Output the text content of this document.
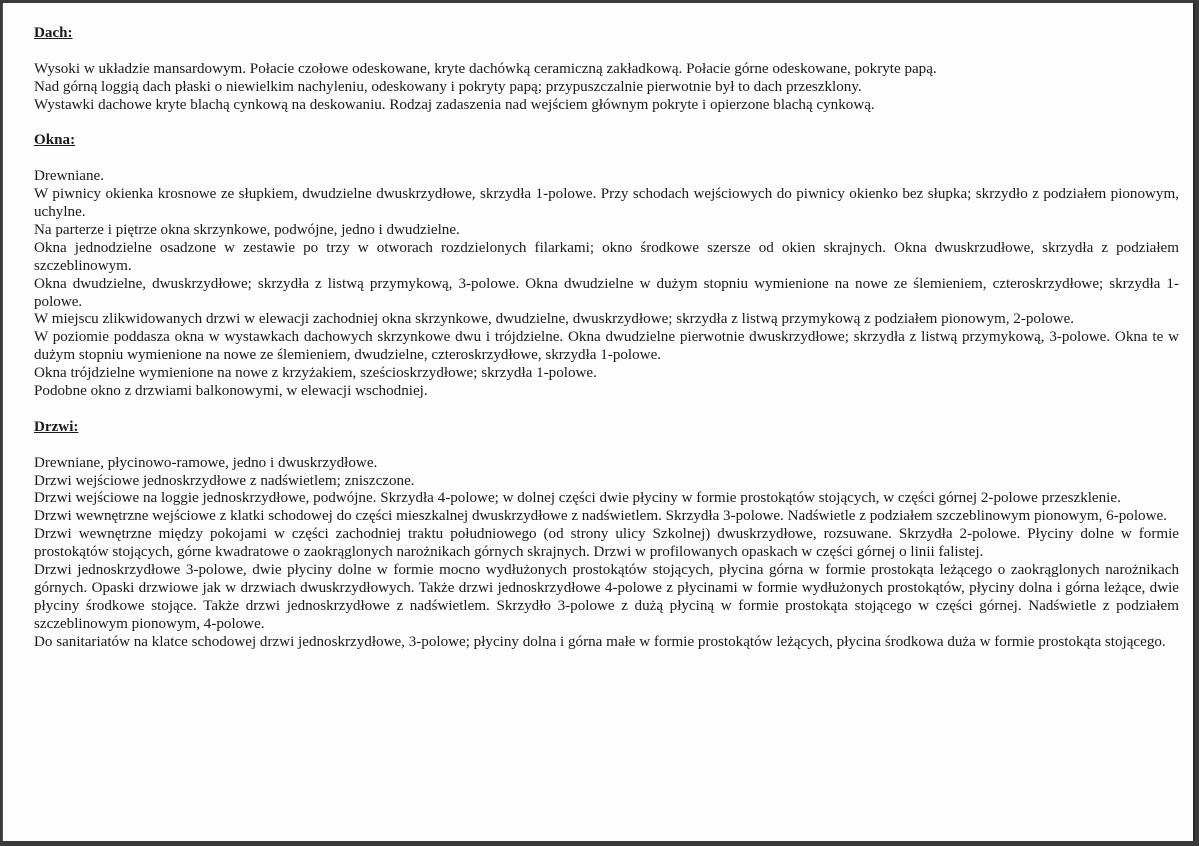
Dach:

Wysoki w układzie mansardowym. Połacie czołowe odeskowane, kryte dachówką ceramiczną zakładkową. Połacie górne odeskowane, pokryte papą.

Nad górną loggią dach płaski o niewielkim nachyleniu, odeskowany i pokryty papą; przypuszczalnie pierwotnie był to dach przeszklony.

Wystawki dachowe kryte blachą cynkową na deskowaniu. Rodzaj zadaszenia nad wejściem głównym pokryte i opierzone blachą cynkową.

Okna:

Drewniane.

W piwnicy okienka krosnowe ze słupkiem, dwudzielne dwuskrzydłowe, skrzydła 1-polowe. Przy schodach wejściowych do piwnicy okienko bez słupka; skrzydło z podziałem pionowym, uchylne.

Na parterze i piętrze okna skrzynkowe, podwójne, jedno i dwudzielne.

Okna jednodzielne osadzone w zestawie po trzy w otworach rozdzielonych filarkami; okno środkowe szersze od okien skrajnych. Okna dwuskrzudłowe, skrzydła z podziałem szczeblinowym.

Okna dwudzielne, dwuskrzydłowe; skrzydła z listwą przymykową, 3-polowe. Okna dwudzielne w dużym stopniu wymienione na nowe ze ślemieniem, czteroskrzydłowe; skrzydła 1-polowe.

W miejscu zlikwidowanych drzwi w elewacji zachodniej okna skrzynkowe, dwudzielne, dwuskrzydłowe; skrzydła z listwą przymykową z podziałem pionowym, 2-polowe.

W poziomie poddasza okna w wystawkach dachowych skrzynkowe dwu i trójdzielne. Okna dwudzielne pierwotnie dwuskrzydłowe; skrzydła z listwą przymykową, 3-polowe. Okna te w dużym stopniu wymienione na nowe ze ślemieniem, dwudzielne, czteroskrzydłowe, skrzydła 1-polowe.

Okna trójdzielne wymienione na nowe z krzyżakiem, sześcioskrzydłowe; skrzydła 1-polowe.

Podobne okno z drzwiami balkonowymi, w elewacji wschodniej.

Drzwi:

Drewniane, płycinowo-ramowe, jedno i dwuskrzydłowe.

Drzwi wejściowe jednoskrzydłowe z nadświetlem; zniszczone.

Drzwi wejściowe na loggie jednoskrzydłowe, podwójne. Skrzydła 4-polowe; w dolnej części dwie płyciny w formie prostokątów stojących, w części górnej 2-polowe przeszklenie.

Drzwi wewnętrzne wejściowe z klatki schodowej do części mieszkalnej dwuskrzydłowe z nadświetlem. Skrzydła 3-polowe. Nadświetle z podziałem szczeblinowym pionowym, 6-polowe.

Drzwi wewnętrzne między pokojami w części zachodniej traktu południowego (od strony ulicy Szkolnej) dwuskrzydłowe, rozsuwane. Skrzydła 2-polowe. Płyciny dolne w formie prostokątów stojących, górne kwadratowe o zaokrąglonych narożnikach górnych skrajnych. Drzwi w profilowanych opaskach w części górnej o linii falistej.

Drzwi jednoskrzydłowe 3-polowe, dwie płyciny dolne w formie mocno wydłużonych prostokątów stojących, płycina górna w formie prostokąta leżącego o zaokrąglonych narożnikach górnych. Opaski drzwiowe jak w drzwiach dwuskrzydłowych. Także drzwi jednoskrzydłowe 4-polowe z płycinami w formie wydłużonych prostokątów, płyciny dolna i górna leżące, dwie płyciny środkowe stojące. Także drzwi jednoskrzydłowe z nadświetlem. Skrzydło 3-polowe z dużą płyciną w formie prostokąta stojącego w części górnej. Nadświetle z podziałem szczeblinowym pionowym, 4-polowe.

Do sanitariatów na klatce schodowej drzwi jednoskrzydłowe, 3-polowe; płyciny dolna i górna małe w formie prostokątów leżących, płycina środkowa duża w formie prostokąta stojącego.
